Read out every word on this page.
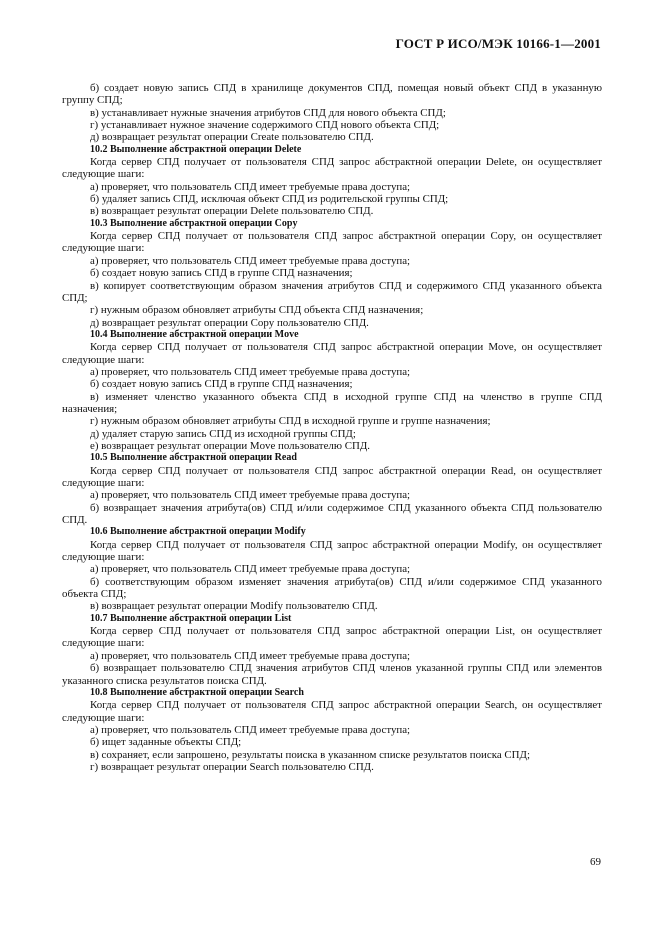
ГОСТ Р ИСО/МЭК 10166-1—2001

б) создает новую запись СПД в хранилище документов СПД, помещая новый объект СПД в указанную группу СПД;

в) устанавливает нужные значения атрибутов СПД для нового объекта СПД;

г) устанавливает нужное значение содержимого СПД нового объекта СПД;

д) возвращает результат операции Create пользователю СПД.

10.2 Выполнение абстрактной операции Delete

Когда сервер СПД получает от пользователя СПД запрос абстрактной операции Delete, он осуществляет следующие шаги:

а) проверяет, что пользователь СПД имеет требуемые права доступа;

б) удаляет запись СПД, исключая объект СПД из родительской группы СПД;

в) возвращает результат операции Delete пользователю СПД.

10.3 Выполнение абстрактной операции Copy

Когда сервер СПД получает от пользователя СПД запрос абстрактной операции Copy, он осуществляет следующие шаги:

а) проверяет, что пользователь СПД имеет требуемые права доступа;

б) создает новую запись СПД в группе СПД назначения;

в) копирует соответствующим образом значения атрибутов СПД и содержимого СПД указанного объекта СПД;

г) нужным образом обновляет атрибуты СПД объекта СПД назначения;

д) возвращает результат операции Copy пользователю СПД.

10.4 Выполнение абстрактной операции Move

Когда сервер СПД получает от пользователя СПД запрос абстрактной операции Move, он осуществляет следующие шаги:

а) проверяет, что пользователь СПД имеет требуемые права доступа;

б) создает новую запись СПД в группе СПД назначения;

в) изменяет членство указанного объекта СПД в исходной группе СПД на членство в группе СПД назначения;

г) нужным образом обновляет атрибуты СПД в исходной группе и группе назначения;

д) удаляет старую запись СПД из исходной группы СПД;

е) возвращает результат операции Move пользователю СПД.

10.5 Выполнение абстрактной операции Read

Когда сервер СПД получает от пользователя СПД запрос абстрактной операции Read, он осуществляет следующие шаги:

а) проверяет, что пользователь СПД имеет требуемые права доступа;

б) возвращает значения атрибута(ов) СПД и/или содержимое СПД указанного объекта СПД пользователю СПД.

10.6 Выполнение абстрактной операции Modify

Когда сервер СПД получает от пользователя СПД запрос абстрактной операции Modify, он осуществляет следующие шаги:

а) проверяет, что пользователь СПД имеет требуемые права доступа;

б) соответствующим образом изменяет значения атрибута(ов) СПД и/или содержимое СПД указанного объекта СПД;

в) возвращает результат операции Modify пользователю СПД.

10.7 Выполнение абстрактной операции List

Когда сервер СПД получает от пользователя СПД запрос абстрактной операции List, он осуществляет следующие шаги:

а) проверяет, что пользователь СПД имеет требуемые права доступа;

б) возвращает пользователю СПД значения атрибутов СПД членов указанной группы СПД или элементов указанного списка результатов поиска СПД.

10.8 Выполнение абстрактной операции Search

Когда сервер СПД получает от пользователя СПД запрос абстрактной операции Search, он осуществляет следующие шаги:

а) проверяет, что пользователь СПД имеет требуемые права доступа;

б) ищет заданные объекты СПД;

в) сохраняет, если запрошено, результаты поиска в указанном списке результатов поиска СПД;

г) возвращает результат операции Search пользователю СПД.

69
